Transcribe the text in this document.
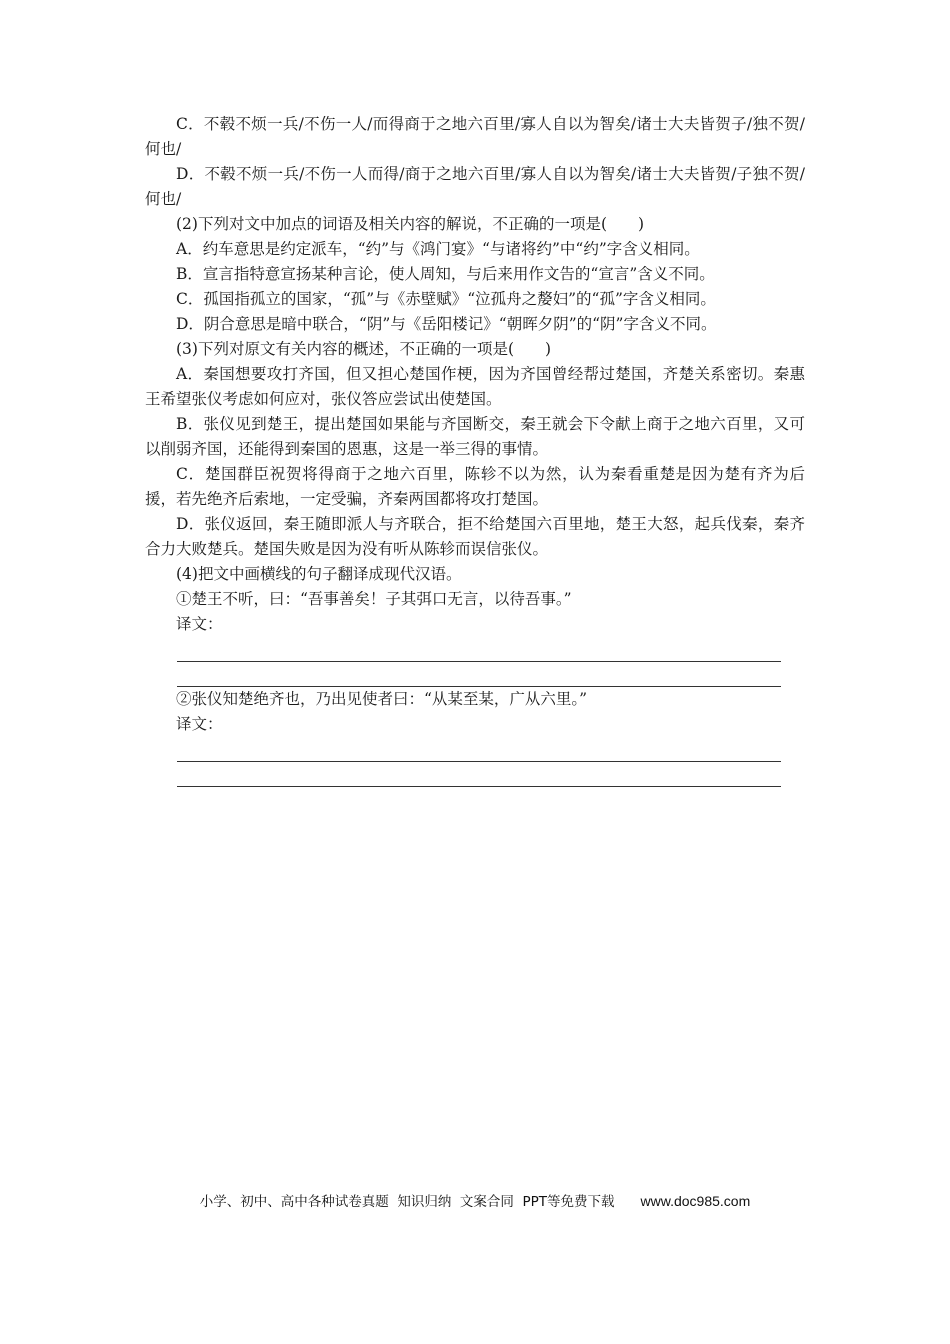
C．不毂不烦一兵/不伤一人/而得商于之地六百里/寡人自以为智矣/诸士大夫皆贺子/独不贺/何也/

D．不毂不烦一兵/不伤一人而得/商于之地六百里/寡人自以为智矣/诸士大夫皆贺/子独不贺/何也/

(2)下列对文中加点的词语及相关内容的解说，不正确的一项是(　　)

A．约车意思是约定派车，“约”与《鸿门宴》“与诸将约”中“约”字含义相同。

B．宣言指特意宣扬某种言论，使人周知，与后来用作文告的“宣言”含义不同。

C．孤国指孤立的国家，“孤”与《赤壁赋》“泣孤舟之嫠妇”的“孤”字含义相同。

D．阴合意思是暗中联合，“阴”与《岳阳楼记》“朝晖夕阴”的“阴”字含义不同。

(3)下列对原文有关内容的概述，不正确的一项是(　　)

A．秦国想要攻打齐国，但又担心楚国作梗，因为齐国曾经帮过楚国，齐楚关系密切。秦惠王希望张仪考虑如何应对，张仪答应尝试出使楚国。

B．张仪见到楚王，提出楚国如果能与齐国断交，秦王就会下令献上商于之地六百里，又可以削弱齐国，还能得到秦国的恩惠，这是一举三得的事情。

C．楚国群臣祝贺将得商于之地六百里，陈轸不以为然，认为秦看重楚是因为楚有齐为后援，若先绝齐后索地，一定受骗，齐秦两国都将攻打楚国。

D．张仪返回，秦王随即派人与齐联合，拒不给楚国六百里地，楚王大怒，起兵伐秦，秦齐合力大败楚兵。楚国失败是因为没有听从陈轸而误信张仪。

(4)把文中画横线的句子翻译成现代汉语。

①楚王不听，曰：“吾事善矣！子其弭口无言，以待吾事。”

译文：

②张仪知楚绝齐也，乃出见使者曰：“从某至某，广从六里。”

译文：

小学、初中、高中各种试卷真题  知识归纳  文案合同  PPT等免费下载 www.doc985.com
